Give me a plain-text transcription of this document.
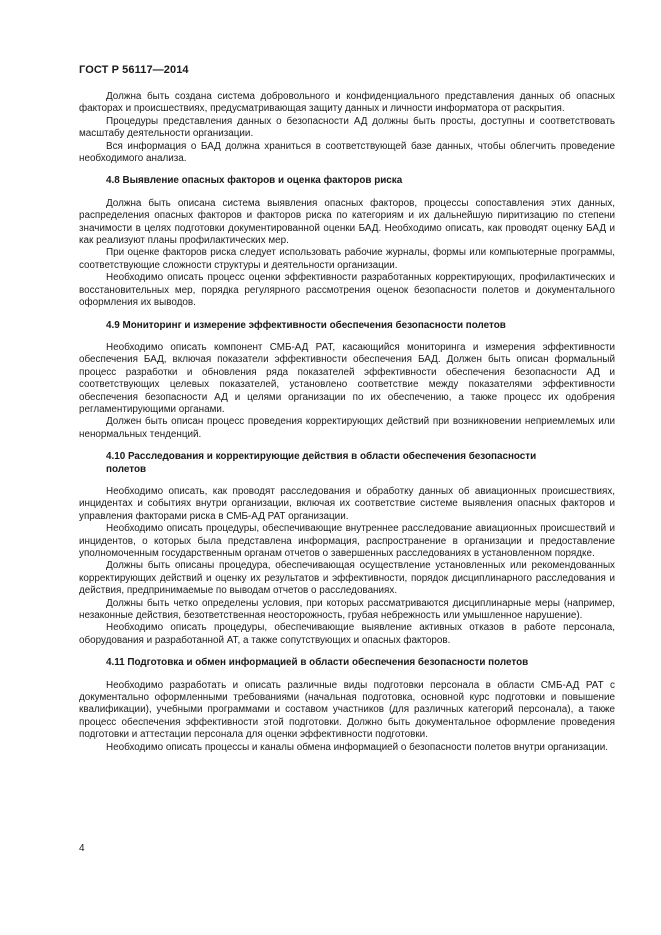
ГОСТ Р 56117—2014

Должна быть создана система добровольного и конфиденциального представления данных об опасных факторах и происшествиях, предусматривающая защиту данных и личности информатора от раскрытия.

Процедуры представления данных о безопасности АД должны быть просты, доступны и соответствовать масштабу деятельности организации.

Вся информация о БАД должна храниться в соответствующей базе данных, чтобы облегчить проведение необходимого анализа.

4.8 Выявление опасных факторов и оценка факторов риска

Должна быть описана система выявления опасных факторов, процессы сопоставления этих данных, распределения опасных факторов и факторов риска по категориям и их дальнейшую пиритизацию по степени значимости в целях подготовки документированной оценки БАД. Необходимо описать, как проводят оценку БАД и как реализуют планы профилактических мер.

При оценке факторов риска следует использовать рабочие журналы, формы или компьютерные программы, соответствующие сложности структуры и деятельности организации.

Необходимо описать процесс оценки эффективности разработанных корректирующих, профилактических и восстановительных мер, порядка регулярного рассмотрения оценок безопасности полетов и документального оформления их выводов.

4.9 Мониторинг и измерение эффективности обеспечения безопасности полетов

Необходимо описать компонент СМБ-АД РАТ, касающийся мониторинга и измерения эффективности обеспечения БАД, включая показатели эффективности обеспечения БАД. Должен быть описан формальный процесс разработки и обновления ряда показателей эффективности обеспечения безопасности АД и соответствующих целевых показателей, установлено соответствие между показателями эффективности обеспечения безопасности АД и целями организации по их обеспечению, а также процесс их одобрения регламентирующими органами.

Должен быть описан процесс проведения корректирующих действий при возникновении неприемлемых или ненормальных тенденций.

4.10 Расследования и корректирующие действия в области обеспечения безопасности
полетов

Необходимо описать, как проводят расследования и обработку данных об авиационных происшествиях, инцидентах и событиях внутри организации, включая их соответствие системе выявления опасных факторов и управления факторами риска в СМБ-АД РАТ организации.

Необходимо описать процедуры, обеспечивающие внутреннее расследование авиационных происшествий и инцидентов, о которых была представлена информация, распространение в организации и предоставление уполномоченным государственным органам отчетов о завершенных расследованиях в установленном порядке.

Должны быть описаны процедура, обеспечивающая осуществление установленных или рекомендованных корректирующих действий и оценку их результатов и эффективности, порядок дисциплинарного расследования и действия, предпринимаемые по выводам отчетов о расследованиях.

Должны быть четко определены условия, при которых рассматриваются дисциплинарные меры (например, незаконные действия, безответственная неосторожность, грубая небрежность или умышленное нарушение).

Необходимо описать процедуры, обеспечивающие выявление активных отказов в работе персонала, оборудования и разработанной АТ, а также сопутствующих и опасных факторов.

4.11 Подготовка и обмен информацией в области обеспечения безопасности полетов

Необходимо разработать и описать различные виды подготовки персонала в области СМБ-АД РАТ с документально оформленными требованиями (начальная подготовка, основной курс подготовки и повышение квалификации), учебными программами и составом участников (для различных категорий персонала), а также процесс обеспечения эффективности этой подготовки. Должно быть документальное оформление проведения подготовки и аттестации персонала для оценки эффективности подготовки.

Необходимо описать процессы и каналы обмена информацией о безопасности полетов внутри организации.

4
